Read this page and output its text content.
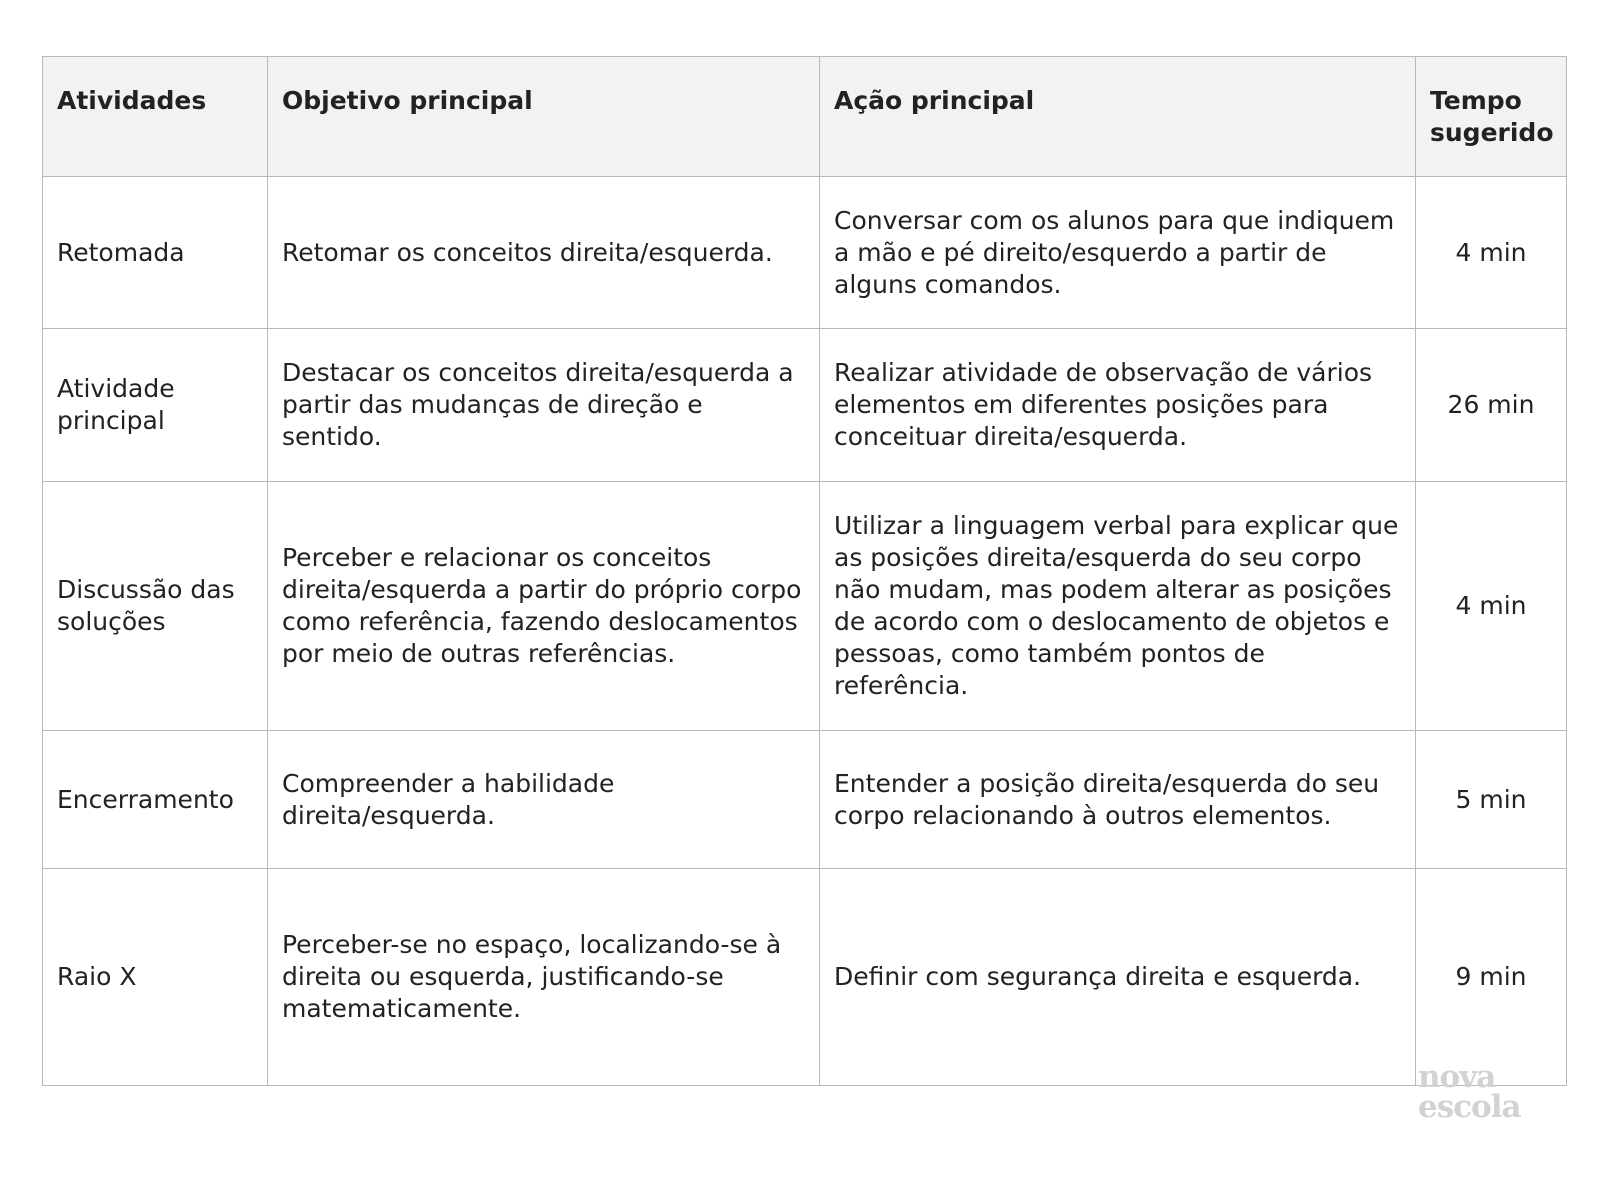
Atividades	Objetivo principal	Ação principal	Tempo sugerido

Retomada	Retomar os conceitos direita/esquerda.	Conversar com os alunos para que indiquem a mão e pé direito/esquerdo a partir de alguns comandos.	4 min

Atividade principal	Destacar os conceitos direita/esquerda a partir das mudanças de direção e sentido.	Realizar atividade de observação de vários elementos em diferentes posições para conceituar direita/esquerda.	26 min

Discussão das soluções	Perceber e relacionar os conceitos direita/esquerda a partir do próprio corpo como referência, fazendo deslocamentos por meio de outras referências.	Utilizar a linguagem verbal para explicar que as posições direita/esquerda do seu corpo não mudam, mas podem alterar as posições de acordo com o deslocamento de objetos e pessoas, como também pontos de referência.	4 min

Encerramento	Compreender a habilidade direita/esquerda.	Entender a posição direita/esquerda do seu corpo relacionando à outros elementos.	5 min

Raio X	Perceber-se no espaço, localizando-se à direita ou esquerda, justificando-se matematicamente.	Definir com segurança direita e esquerda.	9 min
nova
escola
